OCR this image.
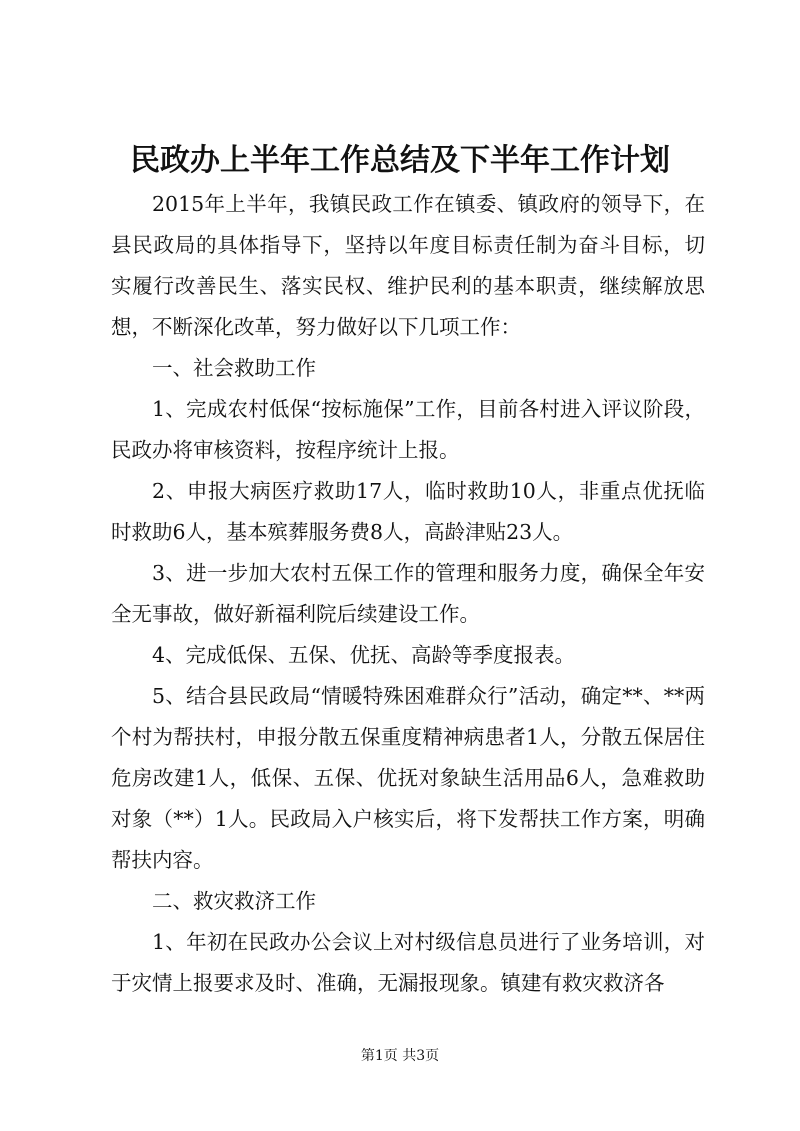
民政办上半年工作总结及下半年工作计划

2015年上半年，我镇民政工作在镇委、镇政府的领导下，在县民政局的具体指导下，坚持以年度目标责任制为奋斗目标，切实履行改善民生、落实民权、维护民利的基本职责，继续解放思想，不断深化改革，努力做好以下几项工作：

一、社会救助工作

1、完成农村低保“按标施保”工作，目前各村进入评议阶段，民政办将审核资料，按程序统计上报。

2、申报大病医疗救助17人，临时救助10人，非重点优抚临时救助6人，基本殡葬服务费8人，高龄津贴23人。

3、进一步加大农村五保工作的管理和服务力度，确保全年安全无事故，做好新福利院后续建设工作。

4、完成低保、五保、优抚、高龄等季度报表。

5、结合县民政局“情暖特殊困难群众行”活动，确定**、**两个村为帮扶村，申报分散五保重度精神病患者1人，分散五保居住危房改建1人，低保、五保、优抚对象缺生活用品6人，急难救助对象（**）1人。民政局入户核实后，将下发帮扶工作方案，明确帮扶内容。

二、救灾救济工作

1、年初在民政办公会议上对村级信息员进行了业务培训，对于灾情上报要求及时、准确，无漏报现象。镇建有救灾救济各

第1页 共3页
